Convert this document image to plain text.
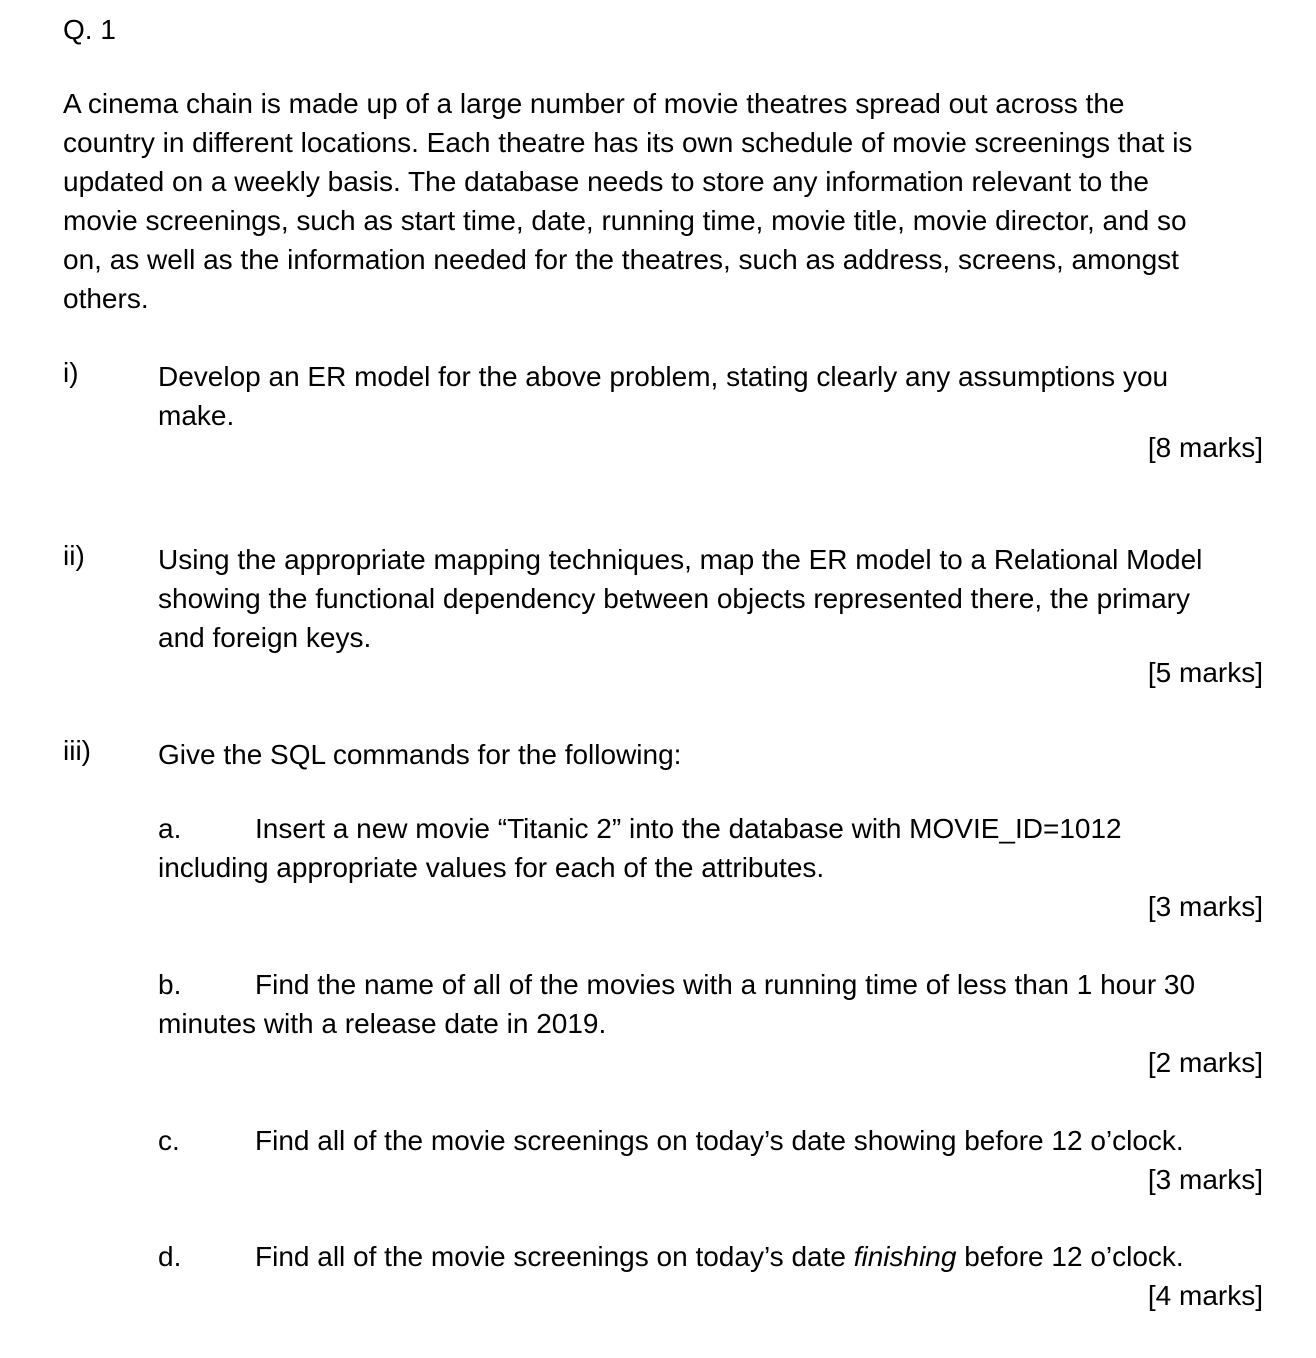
Q. 1
A cinema chain is made up of a large number of movie theatres spread out across the
country in different locations. Each theatre has its own schedule of movie screenings that is
updated on a weekly basis. The database needs to store any information relevant to the
movie screenings, such as start time, date, running time, movie title, movie director, and so
on, as well as the information needed for the theatres, such as address, screens, amongst
others.
i)	Develop an ER model for the above problem, stating clearly any assumptions you
make.
[8 marks]
ii)	Using the appropriate mapping techniques, map the ER model to a Relational Model
showing the functional dependency between objects represented there, the primary
and foreign keys.
[5 marks]
iii) Give the SQL commands for the following:
a.	Insert a new movie “Titanic 2” into the database with MOVIE_ID=1012
including appropriate values for each of the attributes.
[3 marks]
b.	Find the name of all of the movies with a running time of less than 1 hour 30
minutes with a release date in 2019.
[2 marks]
c.	Find all of the movie screenings on today’s date showing before 12 o’clock.
[3 marks]
d.	Find all of the movie screenings on today’s date finishing before 12 o’clock.
[4 marks]
